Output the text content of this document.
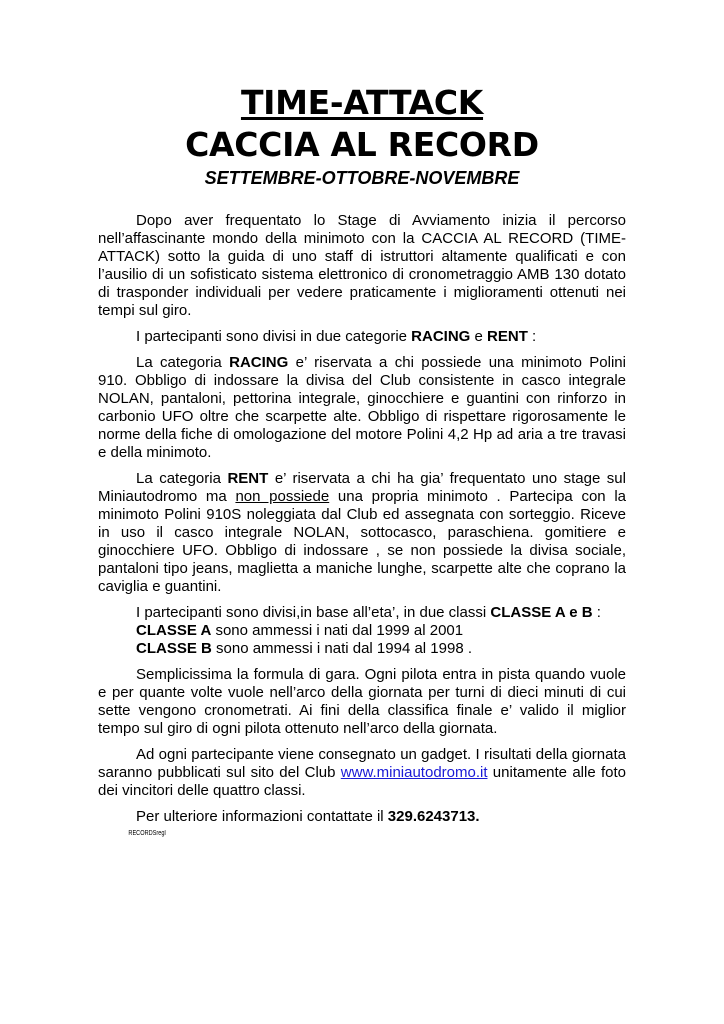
TIME-ATTACK
CACCIA AL RECORD

SETTEMBRE-OTTOBRE-NOVEMBRE

Dopo aver frequentato lo Stage di Avviamento inizia il percorso nell’affascinante mondo della minimoto con la CACCIA AL RECORD (TIME-ATTACK) sotto la guida di uno staff di istruttori altamente qualificati e con l’ausilio di un sofisticato sistema elettronico di cronometraggio AMB 130 dotato di trasponder individuali per vedere praticamente i miglioramenti ottenuti nei tempi sul giro.

I partecipanti sono divisi in due categorie RACING e RENT :

La categoria RACING e’ riservata a chi possiede una minimoto Polini 910. Obbligo di indossare la divisa del Club consistente in casco integrale NOLAN, pantaloni, pettorina integrale, ginocchiere e guantini con rinforzo in carbonio UFO oltre che scarpette alte. Obbligo di rispettare rigorosamente le norme della fiche di omologazione del motore Polini 4,2 Hp ad aria a tre travasi e della minimoto.

La categoria RENT e’ riservata a chi ha gia’ frequentato uno stage sul Miniautodromo ma non possiede una propria minimoto . Partecipa con la minimoto Polini 910S noleggiata dal Club ed assegnata con sorteggio. Riceve in uso il casco integrale NOLAN, sottocasco, paraschiena. gomitiere e ginocchiere UFO. Obbligo di indossare , se non possiede la divisa sociale, pantaloni tipo jeans, maglietta a maniche lunghe, scarpette alte che coprano la caviglia e guantini.

I partecipanti sono divisi,in base all’eta’, in due classi CLASSE A e B :
CLASSE A sono ammessi i nati dal 1999 al 2001
CLASSE B sono ammessi i nati dal 1994 al 1998 .

Semplicissima la formula di gara. Ogni pilota entra in pista quando vuole e per quante volte vuole nell’arco della giornata per turni di dieci minuti di cui sette vengono cronometrati. Ai fini della classifica finale e’ valido il miglior tempo sul giro di ogni pilota ottenuto nell’arco della giornata.

Ad ogni partecipante viene consegnato un gadget. I risultati della giornata saranno pubblicati sul sito del Club www.miniautodromo.it unitamente alle foto dei vincitori delle quattro classi.

Per ulteriore informazioni contattate il 329.6243713.

RECORDSregl
